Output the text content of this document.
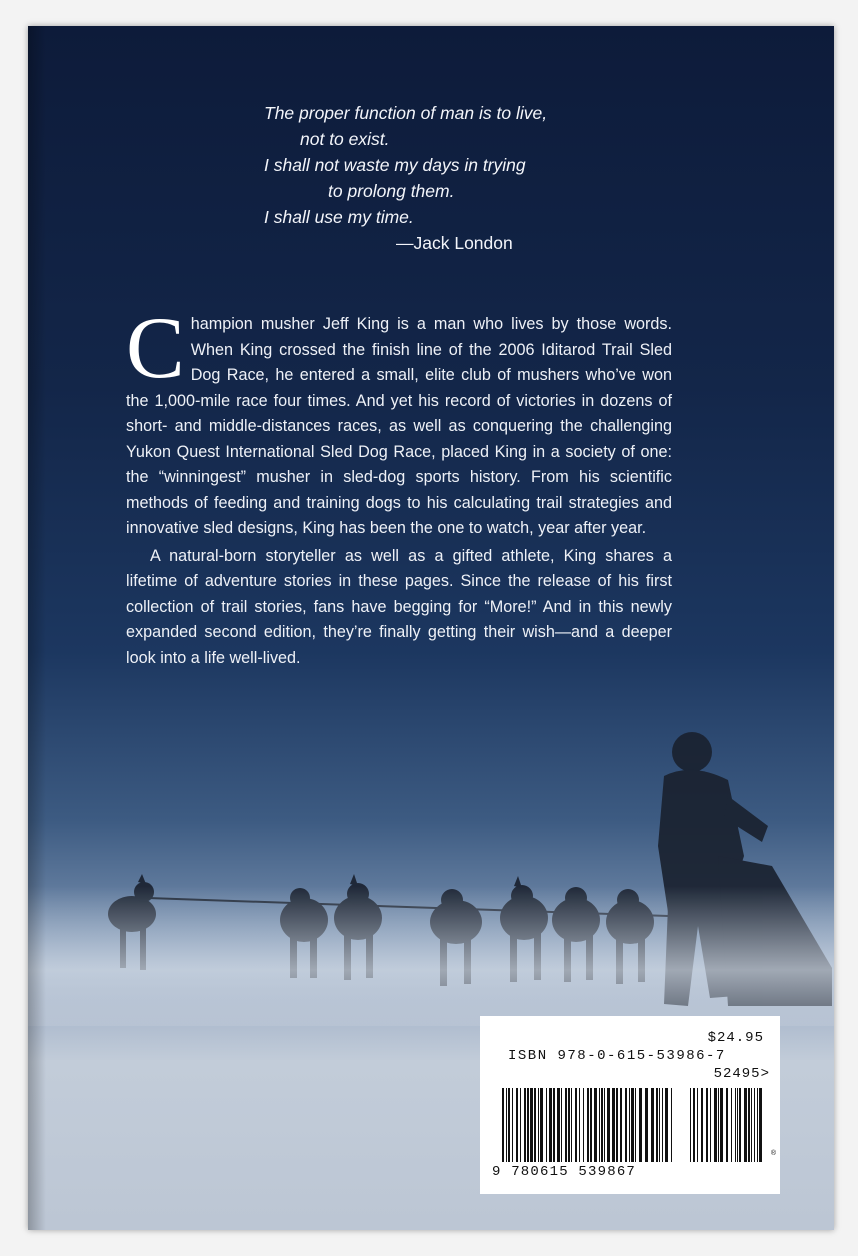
The proper function of man is to live,
not to exist.
I shall not waste my days in trying
to prolong them.
I shall use my time.
—Jack London

Champion musher Jeff King is a man who lives by those words. When King crossed the finish line of the 2006 Iditarod Trail Sled Dog Race, he entered a small, elite club of mushers who’ve won the 1,000-mile race four times. And yet his record of victories in dozens of short- and middle-distances races, as well as conquering the challenging Yukon Quest International Sled Dog Race, placed King in a society of one: the “winningest” musher in sled-dog sports history. From his scientific methods of feeding and training dogs to his calculating trail strategies and innovative sled designs, King has been the one to watch, year after year.

A natural-born storyteller as well as a gifted athlete, King shares a lifetime of adventure stories in these pages. Since the release of his first collection of trail stories, fans have begging for “More!” And in this newly expanded second edition, they’re finally getting their wish—and a deeper look into a life well-lived.

$24.95
ISBN 978-0-615-53986-7
52495>
9 780615 539867
®
